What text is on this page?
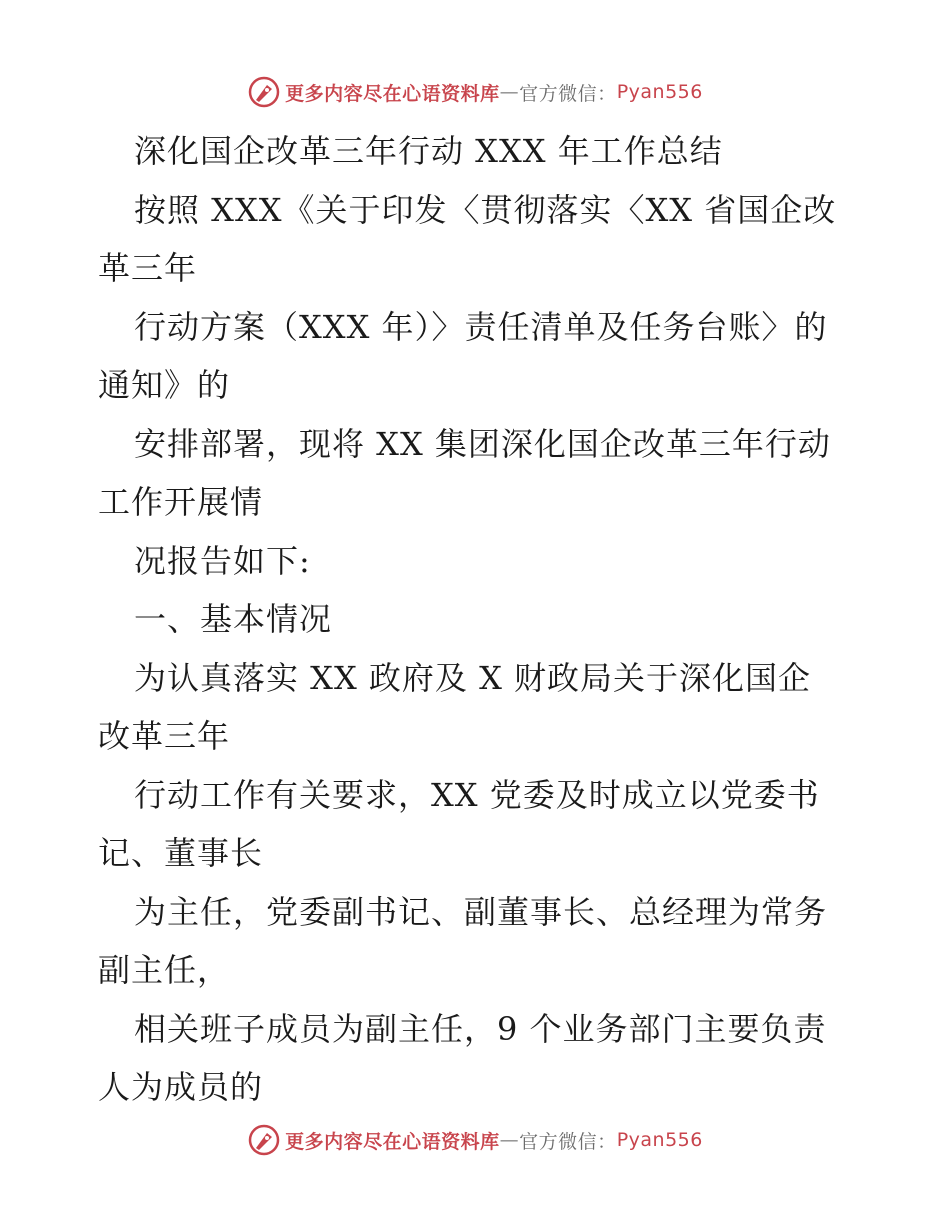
更多内容尽在心语资料库 — 官方微信： Pyan556
深化国企改革三年行动 XXX 年工作总结
按照 XXX《关于印发〈贯彻落实〈XX 省国企改
革三年
行动方案（XXX 年）〉责任清单及任务台账〉的
通知》的
安排部署，现将 XX 集团深化国企改革三年行动
工作开展情
况报告如下:
一、基本情况
为认真落实 XX 政府及 X 财政局关于深化国企
改革三年
行动工作有关要求，XX 党委及时成立以党委书
记、董事长
为主任，党委副书记、副董事长、总经理为常务
副主任，
相关班子成员为副主任，9 个业务部门主要负责
人为成员的
更多内容尽在心语资料库 — 官方微信： Pyan556
